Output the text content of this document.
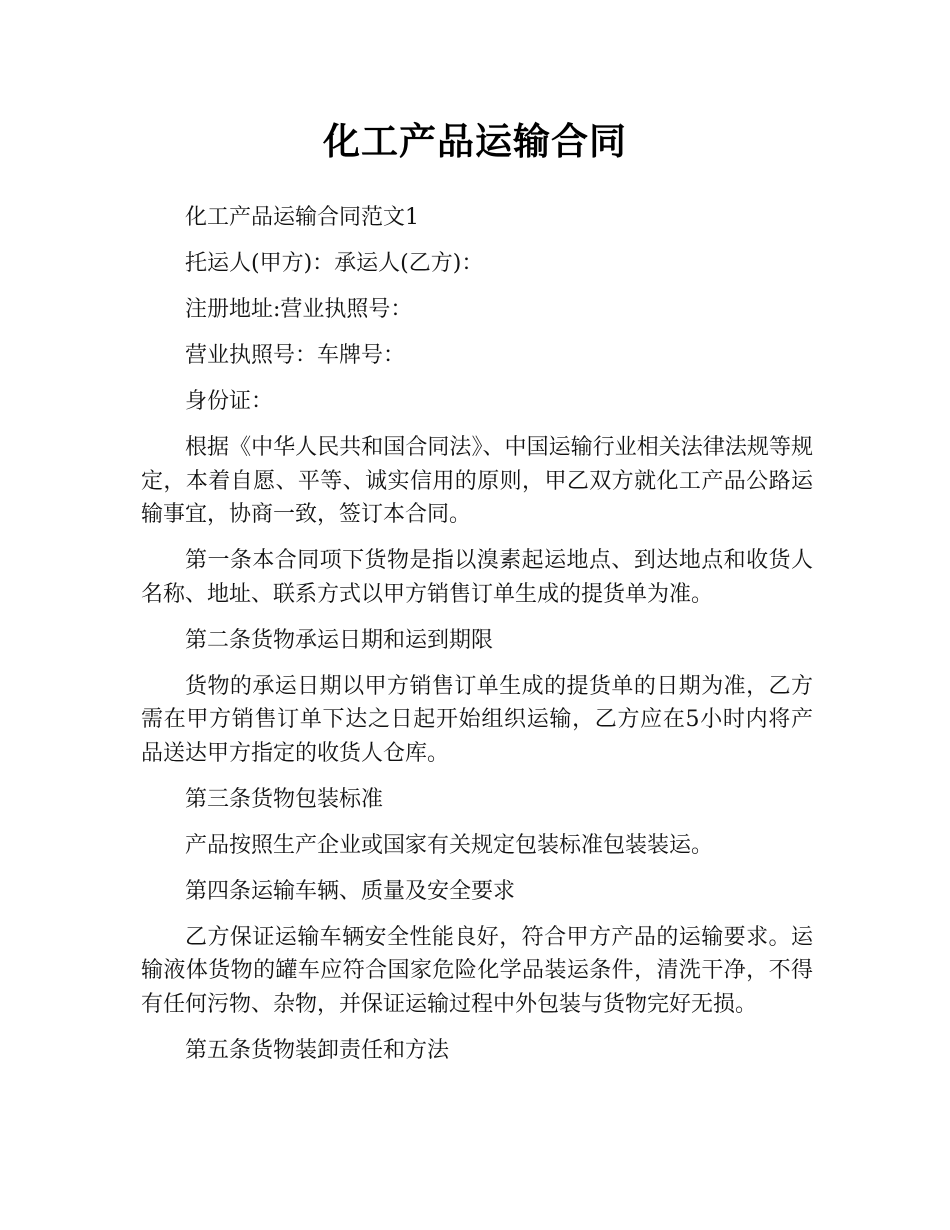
化工产品运输合同

化工产品运输合同范文1

托运人(甲方)：承运人(乙方)：

注册地址:营业执照号：

营业执照号：车牌号：

身份证：

根据《中华人民共和国合同法》、中国运输行业相关法律法规等规定，本着自愿、平等、诚实信用的原则，甲乙双方就化工产品公路运输事宜，协商一致，签订本合同。

第一条本合同项下货物是指以溴素起运地点、到达地点和收货人名称、地址、联系方式以甲方销售订单生成的提货单为准。

第二条货物承运日期和运到期限

货物的承运日期以甲方销售订单生成的提货单的日期为准，乙方需在甲方销售订单下达之日起开始组织运输，乙方应在5小时内将产品送达甲方指定的收货人仓库。

第三条货物包装标准

产品按照生产企业或国家有关规定包装标准包装装运。

第四条运输车辆、质量及安全要求

乙方保证运输车辆安全性能良好，符合甲方产品的运输要求。运输液体货物的罐车应符合国家危险化学品装运条件，清洗干净，不得有任何污物、杂物，并保证运输过程中外包装与货物完好无损。

第五条货物装卸责任和方法
